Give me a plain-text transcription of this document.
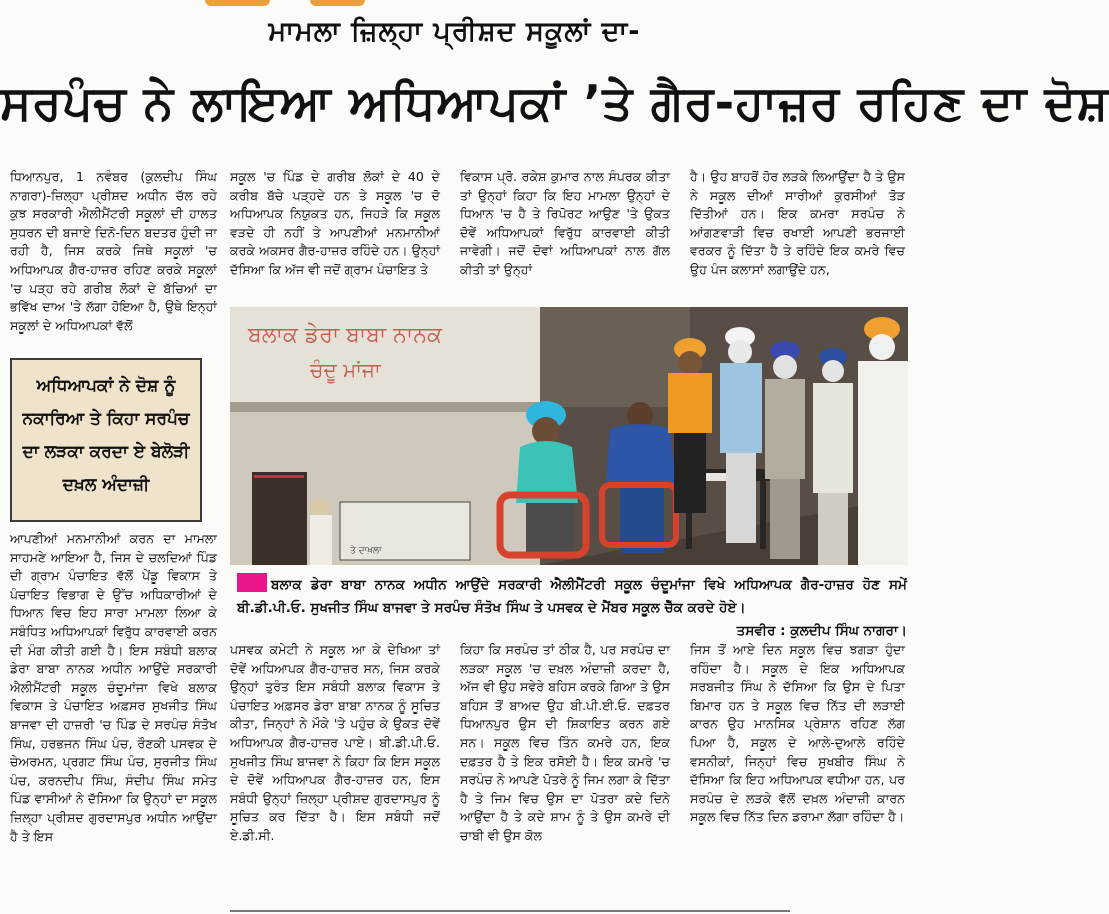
ਮਾਮਲਾ ਜ਼ਿਲ੍ਹਾ ਪ੍ਰੀਸ਼ਦ ਸਕੂਲਾਂ ਦਾ-
ਸਰਪੰਚ ਨੇ ਲਾਇਆ ਅਧਿਆਪਕਾਂ ’ਤੇ ਗੈਰ-ਹਾਜ਼ਰ ਰਹਿਣ ਦਾ ਦੋਸ਼

ਧਿਆਨਪੁਰ, 1 ਨਵੰਬਰ (ਕੁਲਦੀਪ ਸਿੰਘ ਨਾਗਰਾ)-ਜ਼ਿਲ੍ਹਾ ਪ੍ਰੀਸ਼ਦ ਅਧੀਨ ਚੱਲ ਰਹੇ ਕੁਝ ਸਰਕਾਰੀ ਐਲੀਮੈਂਟਰੀ ਸਕੂਲਾਂ ਦੀ ਹਾਲਤ ਸੁਧਰਨ ਦੀ ਬਜਾਏ ਦਿਨੋ-ਦਿਨ ਬਦਤਰ ਹੁੰਦੀ ਜਾ ਰਹੀ ਹੈ, ਜਿਸ ਕਰਕੇ ਜਿਥੇ ਸਕੂਲਾਂ 'ਚ ਅਧਿਆਪਕ ਗੈਰ-ਹਾਜ਼ਰ ਰਹਿਣ ਕਰਕੇ ਸਕੂਲਾਂ 'ਚ ਪੜ੍ਹ ਰਹੇ ਗਰੀਬ ਲੋਕਾਂ ਦੇ ਬੱਚਿਆਂ ਦਾ ਭਵਿੱਖ ਦਾਅ 'ਤੇ ਲੱਗਾ ਹੋਇਆ ਹੈ, ਉਥੇ ਇਨ੍ਹਾਂ ਸਕੂਲਾਂ ਦੇ ਅਧਿਆਪਕਾਂ ਵੱਲੋਂ

ਅਧਿਆਪਕਾਂ ਨੇ ਦੋਸ਼ ਨੂੰ ਨਕਾਰਿਆ ਤੇ ਕਿਹਾ ਸਰਪੰਚ ਦਾ ਲੜਕਾ ਕਰਦਾ ਏ ਬੇਲੋੜੀ ਦਖ਼ਲ ਅੰਦਾਜ਼ੀ

ਆਪਣੀਆਂ ਮਨਮਾਨੀਆਂ ਕਰਨ ਦਾ ਮਾਮਲਾ ਸਾਹਮਣੇ ਆਇਆ ਹੈ, ਜਿਸ ਦੇ ਚਲਦਿਆਂ ਪਿੰਡ ਦੀ ਗ੍ਰਾਮ ਪੰਚਾਇਤ ਵੱਲੋਂ ਪੇਂਡੂ ਵਿਕਾਸ ਤੇ ਪੰਚਾਇਤ ਵਿਭਾਗ ਦੇ ਉੱਚ ਅਧਿਕਾਰੀਆਂ ਦੇ ਧਿਆਨ ਵਿਚ ਇਹ ਸਾਰਾ ਮਾਮਲਾ ਲਿਆ ਕੇ ਸਬੰਧਿਤ ਅਧਿਆਪਕਾਂ ਵਿਰੁੱਧ ਕਾਰਵਾਈ ਕਰਨ ਦੀ ਮੰਗ ਕੀਤੀ ਗਈ ਹੈ। ਇਸ ਸਬੰਧੀ ਬਲਾਕ ਡੇਰਾ ਬਾਬਾ ਨਾਨਕ ਅਧੀਨ ਆਉਂਦੇ ਸਰਕਾਰੀ ਐਲੀਮੈਂਟਰੀ ਸਕੂਲ ਚੰਦੂਮਾਂਜਾ ਵਿਖੇ ਬਲਾਕ ਵਿਕਾਸ ਤੇ ਪੰਚਾਇਤ ਅਫ਼ਸਰ ਸੁਖਜੀਤ ਸਿੰਘ ਬਾਜਵਾ ਦੀ ਹਾਜ਼ਰੀ 'ਚ ਪਿੰਡ ਦੇ ਸਰਪੰਚ ਸੰਤੋਖ ਸਿੰਘ, ਹਰਭਜਨ ਸਿੰਘ ਪੰਚ, ਰੌਣਕੀ ਪਸਵਕ ਦੇ ਚੇਅਰਮਨ, ਪ੍ਰਗਟ ਸਿੰਘ ਪੰਚ, ਸੁਰਜੀਤ ਸਿੰਘ ਪੰਚ, ਕਰਨਦੀਪ ਸਿੰਘ, ਸੰਦੀਪ ਸਿੰਘ ਸਮੇਤ ਪਿੰਡ ਵਾਸੀਆਂ ਨੇ ਦੱਸਿਆ ਕਿ ਉਨ੍ਹਾਂ ਦਾ ਸਕੂਲ ਜ਼ਿਲ੍ਹਾ ਪ੍ਰੀਸ਼ਦ ਗੁਰਦਾਸਪੁਰ ਅਧੀਨ ਆਉਂਦਾ ਹੈ ਤੇ ਇਸ

ਸਕੂਲ 'ਚ ਪਿੰਡ ਦੇ ਗਰੀਬ ਲੋਕਾਂ ਦੇ 40 ਦੇ ਕਰੀਬ ਬੱਚੇ ਪੜ੍ਹਦੇ ਹਨ ਤੇ ਸਕੂਲ 'ਚ ਦੋ ਅਧਿਆਪਕ ਨਿਯੁਕਤ ਹਨ, ਜਿਹੜੇ ਕਿ ਸਕੂਲ ਵੜਦੇ ਹੀ ਨਹੀਂ ਤੇ ਆਪਣੀਆਂ ਮਨਮਾਨੀਆਂ ਕਰਕੇ ਅਕਸਰ ਗੈਰ-ਹਾਜ਼ਰ ਰਹਿੰਦੇ ਹਨ। ਉਨ੍ਹਾਂ ਦੱਸਿਆ ਕਿ ਅੱਜ ਵੀ ਜਦੋਂ ਗ੍ਰਾਮ ਪੰਚਾਇਤ ਤੇ

ਵਿਕਾਸ ਪ੍ਰੋ. ਰਕੇਸ਼ ਕੁਮਾਰ ਨਾਲ ਸੰਪਰਕ ਕੀਤਾ ਤਾਂ ਉਨ੍ਹਾਂ ਕਿਹਾ ਕਿ ਇਹ ਮਾਮਲਾ ਉਨ੍ਹਾਂ ਦੇ ਧਿਆਨ 'ਚ ਹੈ ਤੇ ਰਿਪੋਰਟ ਆਉਣ 'ਤੇ ਉਕਤ ਦੋਵੇਂ ਅਧਿਆਪਕਾਂ ਵਿਰੁੱਧ ਕਾਰਵਾਈ ਕੀਤੀ ਜਾਵੇਗੀ। ਜਦੋਂ ਦੋਵਾਂ ਅਧਿਆਪਕਾਂ ਨਾਲ ਗੱਲ ਕੀਤੀ ਤਾਂ ਉਨ੍ਹਾਂ

ਹੈ। ਉਹ ਬਾਹਰੋਂ ਹੋਰ ਲੜਕੇ ਲਿਆਉਂਦਾ ਹੈ ਤੇ ਉਸ ਨੇ ਸਕੂਲ ਦੀਆਂ ਸਾਰੀਆਂ ਕੁਰਸੀਆਂ ਤੋੜ ਦਿੱਤੀਆਂ ਹਨ। ਇਕ ਕਮਰਾ ਸਰਪੰਚ ਨੇ ਆਂਗਣਵਾੜੀ ਵਿਚ ਰਖਾਈ ਆਪਣੀ ਭਰਜਾਈ ਵਰਕਰ ਨੂੰ ਦਿੱਤਾ ਹੈ ਤੇ ਰਹਿੰਦੇ ਇਕ ਕਮਰੇ ਵਿਚ ਉਹ ਪੰਜ ਕਲਾਸਾਂ ਲਗਾਉਂਦੇ ਹਨ,

ਬਲਾਕ ਡੇਰਾ ਬਾਬਾ ਨਾਨਕ
ਚੰਦੂ ਮਾਂਜਾ
ਤੇ ਦਾਖ਼ਲਾ
ਬਲਾਕ ਡੇਰਾ ਬਾਬਾ ਨਾਨਕ ਅਧੀਨ ਆਉਂਦੇ ਸਰਕਾਰੀ ਐਲੀਮੈਂਟਰੀ ਸਕੂਲ ਚੰਦੂਮਾਂਜਾ ਵਿਖੇ ਅਧਿਆਪਕ ਗੈਰ-ਹਾਜ਼ਰ ਹੋਣ ਸਮੇਂ ਬੀ.ਡੀ.ਪੀ.ਓ. ਸੁਖਜੀਤ ਸਿੰਘ ਬਾਜਵਾ ਤੇ ਸਰਪੰਚ ਸੰਤੋਖ ਸਿੰਘ ਤੇ ਪਸਵਕ ਦੇ ਮੈਂਬਰ ਸਕੂਲ ਚੈੱਕ ਕਰਦੇ ਹੋਏ।
ਤਸਵੀਰ : ਕੁਲਦੀਪ ਸਿੰਘ ਨਾਗਰਾ।

ਪਸਵਕ ਕਮੇਟੀ ਨੇ ਸਕੂਲ ਆ ਕੇ ਦੇਖਿਆ ਤਾਂ ਦੋਵੇਂ ਅਧਿਆਪਕ ਗੈਰ-ਹਾਜ਼ਰ ਸਨ, ਜਿਸ ਕਰਕੇ ਉਨ੍ਹਾਂ ਤੁਰੰਤ ਇਸ ਸਬੰਧੀ ਬਲਾਕ ਵਿਕਾਸ ਤੇ ਪੰਚਾਇਤ ਅਫ਼ਸਰ ਡੇਰਾ ਬਾਬਾ ਨਾਨਕ ਨੂੰ ਸੂਚਿਤ ਕੀਤਾ, ਜਿਨ੍ਹਾਂ ਨੇ ਮੌਕੇ 'ਤੇ ਪਹੁੰਚ ਕੇ ਉਕਤ ਦੋਵੇਂ ਅਧਿਆਪਕ ਗੈਰ-ਹਾਜ਼ਰ ਪਾਏ। ਬੀ.ਡੀ.ਪੀ.ਓ. ਸੁਖਜੀਤ ਸਿੰਘ ਬਾਜਵਾ ਨੇ ਕਿਹਾ ਕਿ ਇਸ ਸਕੂਲ ਦੇ ਦੋਵੇਂ ਅਧਿਆਪਕ ਗੈਰ-ਹਾਜ਼ਰ ਹਨ, ਇਸ ਸਬੰਧੀ ਉਨ੍ਹਾਂ ਜ਼ਿਲ੍ਹਾ ਪ੍ਰੀਸ਼ਦ ਗੁਰਦਾਸਪੁਰ ਨੂੰ ਸੂਚਿਤ ਕਰ ਦਿੱਤਾ ਹੈ। ਇਸ ਸਬੰਧੀ ਜਦੋਂ ਏ.ਡੀ.ਸੀ.

ਕਿਹਾ ਕਿ ਸਰਪੰਚ ਤਾਂ ਠੀਕ ਹੈ, ਪਰ ਸਰਪੰਚ ਦਾ ਲੜਕਾ ਸਕੂਲ 'ਚ ਦਖ਼ਲ ਅੰਦਾਜ਼ੀ ਕਰਦਾ ਹੈ, ਅੱਜ ਵੀ ਉਹ ਸਵੇਰੇ ਬਹਿਸ ਕਰਕੇ ਗਿਆ ਤੇ ਉਸ ਬਹਿਸ ਤੋਂ ਬਾਅਦ ਉਹ ਬੀ.ਪੀ.ਈ.ਓ. ਦਫ਼ਤਰ ਧਿਆਨਪੁਰ ਉਸ ਦੀ ਸ਼ਿਕਾਇਤ ਕਰਨ ਗਏ ਸਨ। ਸਕੂਲ ਵਿਚ ਤਿੰਨ ਕਮਰੇ ਹਨ, ਇਕ ਦਫ਼ਤਰ ਹੈ ਤੇ ਇਕ ਰਸੋਈ ਹੈ। ਇਕ ਕਮਰੇ 'ਚ ਸਰਪੰਚ ਨੇ ਆਪਣੇ ਪੋਤਰੇ ਨੂੰ ਜਿਮ ਲਗਾ ਕੇ ਦਿੱਤਾ ਹੈ ਤੇ ਜਿਮ ਵਿਚ ਉਸ ਦਾ ਪੋਤਰਾ ਕਦੇ ਦਿਨੇ ਆਉਂਦਾ ਹੈ ਤੇ ਕਦੇ ਸ਼ਾਮ ਨੂੰ ਤੇ ਉਸ ਕਮਰੇ ਦੀ ਚਾਬੀ ਵੀ ਉਸ ਕੋਲ

ਜਿਸ ਤੋਂ ਆਏ ਦਿਨ ਸਕੂਲ ਵਿਚ ਝਗੜਾ ਹੁੰਦਾ ਰਹਿੰਦਾ ਹੈ। ਸਕੂਲ ਦੇ ਇਕ ਅਧਿਆਪਕ ਸਰਬਜੀਤ ਸਿੰਘ ਨੇ ਦੱਸਿਆ ਕਿ ਉਸ ਦੇ ਪਿਤਾ ਬਿਮਾਰ ਹਨ ਤੇ ਸਕੂਲ ਵਿਚ ਨਿੱਤ ਦੀ ਲੜਾਈ ਕਾਰਨ ਉਹ ਮਾਨਸਿਕ ਪ੍ਰੇਸ਼ਾਨ ਰਹਿਣ ਲੱਗ ਪਿਆ ਹੈ, ਸਕੂਲ ਦੇ ਆਲੇ-ਦੁਆਲੇ ਰਹਿੰਦੇ ਵਸਨੀਕਾਂ, ਜਿਨ੍ਹਾਂ ਵਿਚ ਸੁਖਬੀਰ ਸਿੰਘ ਨੇ ਦੱਸਿਆ ਕਿ ਇਹ ਅਧਿਆਪਕ ਵਧੀਆ ਹਨ, ਪਰ ਸਰਪੰਚ ਦੇ ਲੜਕੇ ਵੱਲੋਂ ਦਖ਼ਲ ਅੰਦਾਜ਼ੀ ਕਾਰਨ ਸਕੂਲ ਵਿਚ ਨਿੱਤ ਦਿਨ ਡਰਾਮਾ ਲੱਗਾ ਰਹਿੰਦਾ ਹੈ।
